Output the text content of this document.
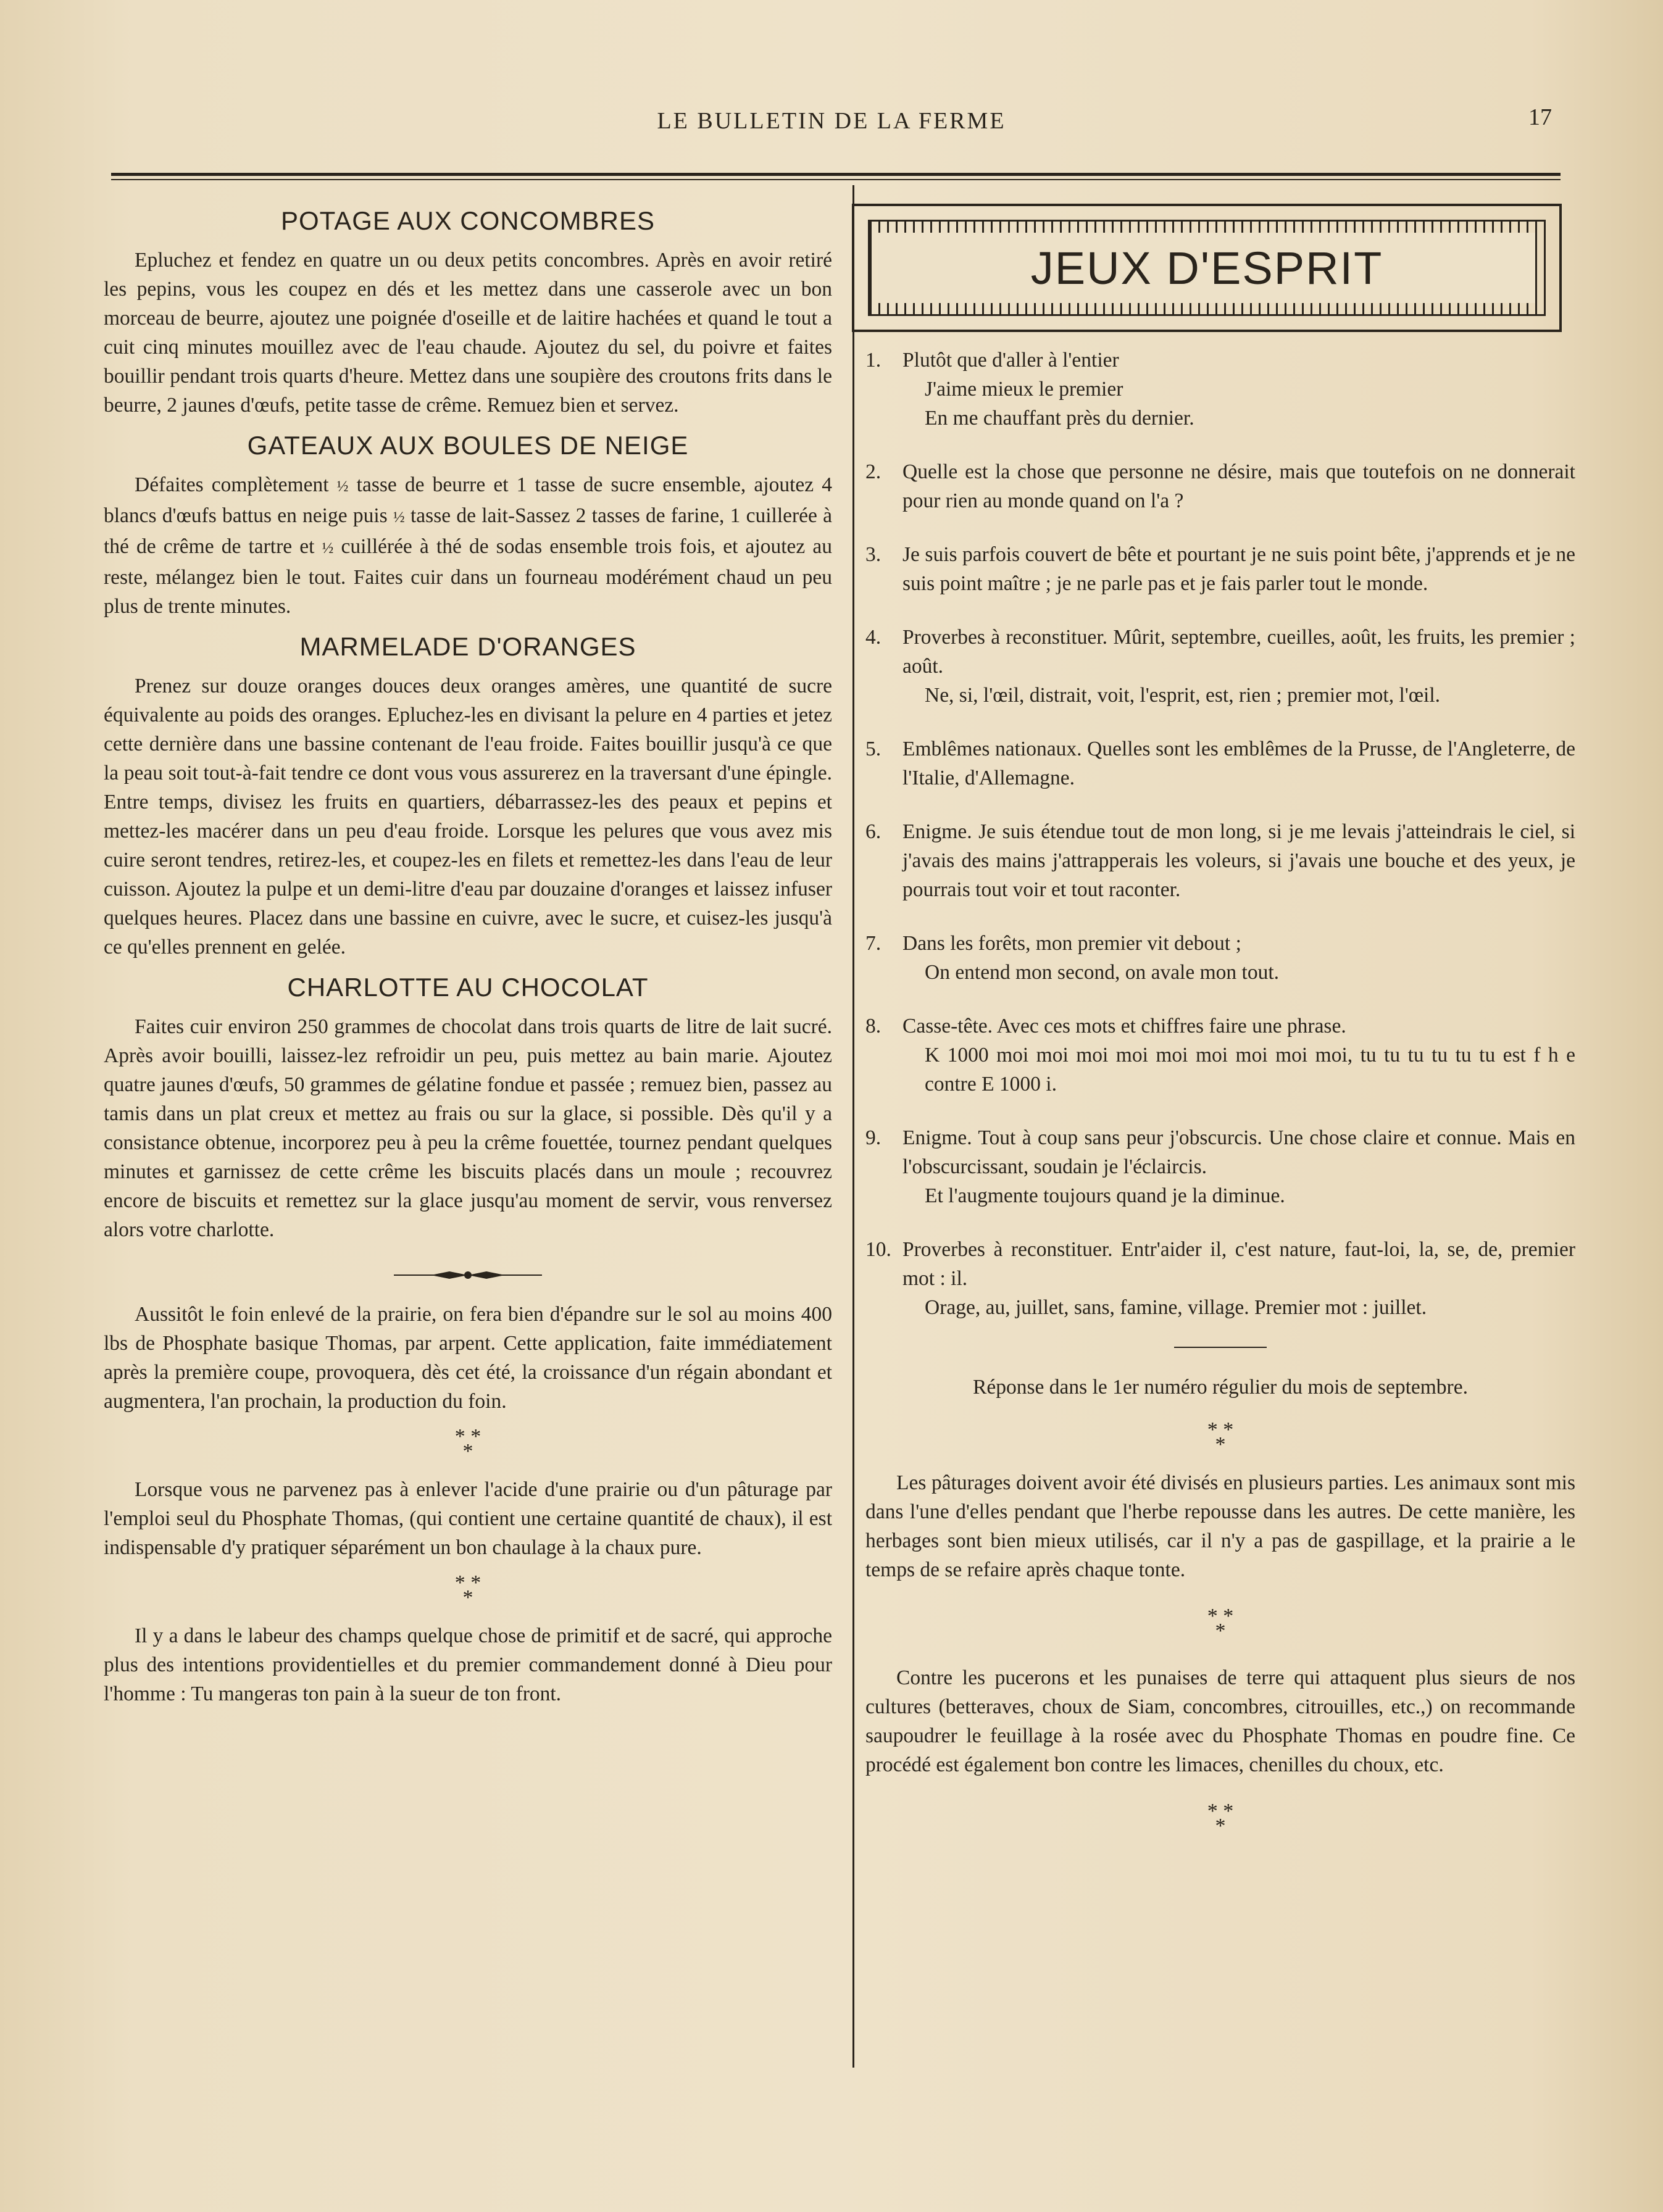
LE BULLETIN DE LA FERME	17
POTAGE AUX CONCOMBRES

Epluchez et fendez en quatre un ou deux petits concombres. Après en avoir retiré les pepins, vous les coupez en dés et les mettez dans une casserole avec un bon morceau de beurre, ajoutez une poignée d'oseille et de laitire hachées et quand le tout a cuit cinq minutes mouillez avec de l'eau chaude. Ajoutez du sel, du poivre et faites bouillir pendant trois quarts d'heure. Mettez dans une soupière des croutons frits dans le beurre, 2 jaunes d'œufs, petite tasse de crême. Remuez bien et servez.

GATEAUX AUX BOULES DE NEIGE

Défaites complètement ½ tasse de beurre et 1 tasse de sucre ensemble, ajoutez 4 blancs d'œufs battus en neige puis ½ tasse de lait-Sassez 2 tasses de farine, 1 cuillerée à thé de crême de tartre et ½ cuillérée à thé de sodas ensemble trois fois, et ajoutez au reste, mélangez bien le tout. Faites cuir dans un fourneau modérément chaud un peu plus de trente minutes.

MARMELADE D'ORANGES

Prenez sur douze oranges douces deux oranges amères, une quantité de sucre équivalente au poids des oranges. Epluchez-les en divisant la pelure en 4 parties et jetez cette dernière dans une bassine contenant de l'eau froide. Faites bouillir jusqu'à ce que la peau soit tout-à-fait tendre ce dont vous vous assurerez en la traversant d'une épingle. Entre temps, divisez les fruits en quartiers, débarrassez-les des peaux et pepins et mettez-les macérer dans un peu d'eau froide. Lorsque les pelures que vous avez mis cuire seront tendres, retirez-les, et coupez-les en filets et remettez-les dans l'eau de leur cuisson. Ajoutez la pulpe et un demi-litre d'eau par douzaine d'oranges et laissez infuser quelques heures. Placez dans une bassine en cuivre, avec le sucre, et cuisez-les jusqu'à ce qu'elles prennent en gelée.

CHARLOTTE AU CHOCOLAT

Faites cuir environ 250 grammes de chocolat dans trois quarts de litre de lait sucré. Après avoir bouilli, laissez-lez refroidir un peu, puis mettez au bain marie. Ajoutez quatre jaunes d'œufs, 50 grammes de gélatine fondue et passée ; remuez bien, passez au tamis dans un plat creux et mettez au frais ou sur la glace, si possible. Dès qu'il y a consistance obtenue, incorporez peu à peu la crême fouettée, tournez pendant quelques minutes et garnissez de cette crême les biscuits placés dans un moule ; recouvrez encore de biscuits et remettez sur la glace jusqu'au moment de servir, vous renversez alors votre charlotte.

Aussitôt le foin enlevé de la prairie, on fera bien d'épandre sur le sol au moins 400 lbs de Phosphate basique Thomas, par arpent. Cette application, faite immédiatement après la première coupe, provoquera, dès cet été, la croissance d'un régain abondant et augmentera, l'an prochain, la production du foin.

* *
*

Lorsque vous ne parvenez pas à enlever l'acide d'une prairie ou d'un pâturage par l'emploi seul du Phosphate Thomas, (qui contient une certaine quantité de chaux), il est indispensable d'y pratiquer séparément un bon chaulage à la chaux pure.

* *
*

Il y a dans le labeur des champs quelque chose de primitif et de sacré, qui approche plus des intentions providentielles et du premier commandement donné à Dieu pour l'homme : Tu mangeras ton pain à la sueur de ton front.

JEUX D'ESPRIT
1.	Plutôt que d'aller à l'entier
J'aime mieux le premier
En me chauffant près du dernier.
2.	Quelle est la chose que personne ne désire, mais que toutefois on ne donnerait pour rien au monde quand on l'a ?
3.	Je suis parfois couvert de bête et pourtant je ne suis point bête, j'apprends et je ne suis point maître ; je ne parle pas et je fais parler tout le monde.
4.	Proverbes à reconstituer. Mûrit, septembre, cueilles, août, les fruits, les premier ; août.
Ne, si, l'œil, distrait, voit, l'esprit, est, rien ; premier mot, l'œil.
5.	Emblêmes nationaux. Quelles sont les emblêmes de la Prusse, de l'Angleterre, de l'Italie, d'Allemagne.
6.	Enigme. Je suis étendue tout de mon long, si je me levais j'atteindrais le ciel, si j'avais des mains j'attrapperais les voleurs, si j'avais une bouche et des yeux, je pourrais tout voir et tout raconter.
7.	Dans les forêts, mon premier vit debout ;
On entend mon second, on avale mon tout.
8.	Casse-tête. Avec ces mots et chiffres faire une phrase.
K 1000 moi moi moi moi moi moi moi moi moi, tu tu tu tu tu tu est f h e contre E 1000 i.
9.	Enigme. Tout à coup sans peur j'obscurcis. Une chose claire et connue. Mais en l'obscurcissant, soudain je l'éclaircis.
Et l'augmente toujours quand je la diminue.
10. Proverbes à reconstituer. Entr'aider il, c'est nature, faut-loi, la, se, de, premier mot : il.
Orage, au, juillet, sans, famine, village. Premier mot : juillet.

Réponse dans le 1er numéro régulier du mois de septembre.

* *
*

Les pâturages doivent avoir été divisés en plusieurs parties. Les animaux sont mis dans l'une d'elles pendant que l'herbe repousse dans les autres. De cette manière, les herbages sont bien mieux utilisés, car il n'y a pas de gaspillage, et la prairie a le temps de se refaire après chaque tonte.

* *
*

Contre les pucerons et les punaises de terre qui attaquent plus sieurs de nos cultures (betteraves, choux de Siam, concombres, citrouilles, etc.,) on recommande saupoudrer le feuillage à la rosée avec du Phosphate Thomas en poudre fine. Ce procédé est également bon contre les limaces, chenilles du choux, etc.

* *
*
